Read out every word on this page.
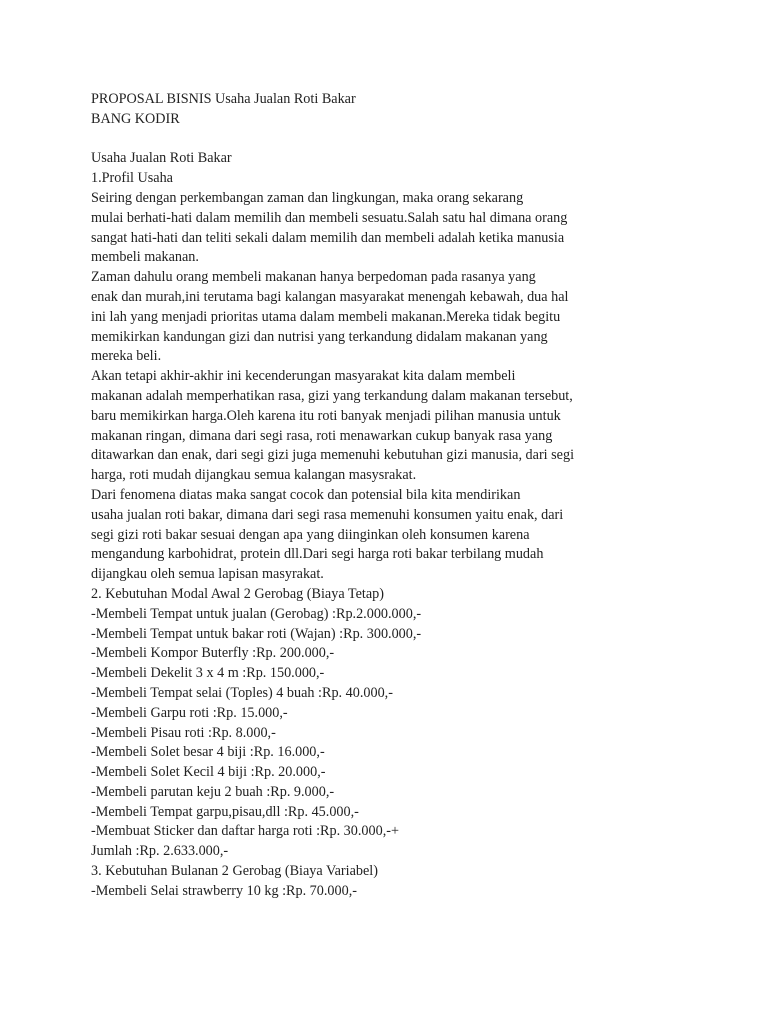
PROPOSAL BISNIS Usaha Jualan Roti Bakar
BANG KODIR
Usaha Jualan Roti Bakar
1.Profil Usaha
Seiring dengan perkembangan zaman dan lingkungan, maka orang sekarang
mulai berhati-hati dalam memilih dan membeli sesuatu.Salah satu hal dimana orang
sangat hati-hati dan teliti sekali dalam memilih dan membeli adalah ketika manusia
membeli makanan.
Zaman dahulu orang membeli makanan hanya berpedoman pada rasanya yang
enak dan murah,ini terutama bagi kalangan masyarakat menengah kebawah, dua hal
ini lah yang menjadi prioritas utama dalam membeli makanan.Mereka tidak begitu
memikirkan kandungan gizi dan nutrisi yang terkandung didalam makanan yang
mereka beli.
Akan tetapi akhir-akhir ini kecenderungan masyarakat kita dalam membeli
makanan adalah memperhatikan rasa, gizi yang terkandung dalam makanan tersebut,
baru memikirkan harga.Oleh karena itu roti banyak menjadi pilihan manusia untuk
makanan ringan, dimana dari segi rasa, roti menawarkan cukup banyak rasa yang
ditawarkan dan enak, dari segi gizi juga memenuhi kebutuhan gizi manusia, dari segi
harga, roti mudah dijangkau semua kalangan masysrakat.
Dari fenomena diatas maka sangat cocok dan potensial bila kita mendirikan
usaha jualan roti bakar, dimana dari segi rasa memenuhi konsumen yaitu enak, dari
segi gizi roti bakar sesuai dengan apa yang diinginkan oleh konsumen karena
mengandung karbohidrat, protein dll.Dari segi harga roti bakar terbilang mudah
dijangkau oleh semua lapisan masyrakat.
2. Kebutuhan Modal Awal 2 Gerobag (Biaya Tetap)
-Membeli Tempat untuk jualan (Gerobag) :Rp.2.000.000,-
-Membeli Tempat untuk bakar roti (Wajan) :Rp. 300.000,-
-Membeli Kompor Buterfly :Rp. 200.000,-
-Membeli Dekelit 3 x 4 m :Rp. 150.000,-
-Membeli Tempat selai (Toples) 4 buah :Rp. 40.000,-
-Membeli Garpu roti :Rp. 15.000,-
-Membeli Pisau roti :Rp. 8.000,-
-Membeli Solet besar 4 biji :Rp. 16.000,-
-Membeli Solet Kecil 4 biji :Rp. 20.000,-
-Membeli parutan keju 2 buah :Rp. 9.000,-
-Membeli Tempat garpu,pisau,dll :Rp. 45.000,-
-Membuat Sticker dan daftar harga roti :Rp. 30.000,-+
Jumlah :Rp. 2.633.000,-
3. Kebutuhan Bulanan 2 Gerobag (Biaya Variabel)
-Membeli Selai strawberry 10 kg :Rp. 70.000,-
